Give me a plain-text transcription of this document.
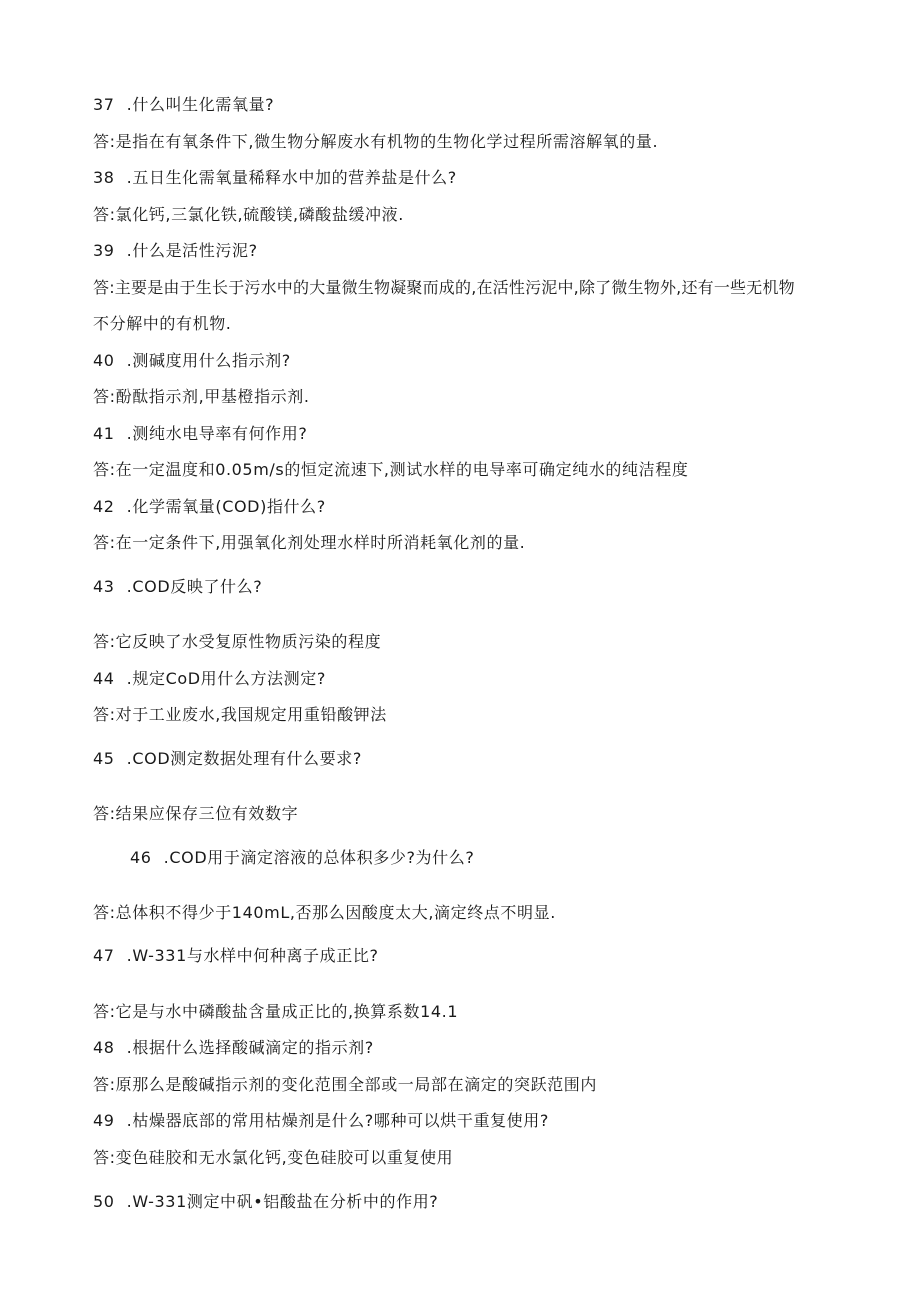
37 .什么叫生化需氧量?
答:是指在有氧条件下,微生物分解废水有机物的生物化学过程所需溶解氧的量.
38 .五日生化需氧量稀释水中加的营养盐是什么?
答:氯化钙,三氯化铁,硫酸镁,磷酸盐缓冲液.
39 .什么是活性污泥?
答:主要是由于生长于污水中的大量微生物凝聚而成的,在活性污泥中,除了微生物外,还有一些无机物
不分解中的有机物.
40 .测碱度用什么指示剂?
答:酚酞指示剂,甲基橙指示剂.
41 .测纯水电导率有何作用?
答:在一定温度和0.05m∕s的恒定流速下,测试水样的电导率可确定纯水的纯洁程度
42 .化学需氧量(COD)指什么?
答:在一定条件下,用强氧化剂处理水样时所消耗氧化剂的量.
43 .COD反映了什么?
答:它反映了水受复原性物质污染的程度
44 .规定CoD用什么方法测定?
答:对于工业废水,我国规定用重铅酸钾法
45 .COD测定数据处理有什么要求?
答:结果应保存三位有效数字
46 .COD用于滴定溶液的总体积多少?为什么?
答:总体积不得少于140mL,否那么因酸度太大,滴定终点不明显.
47 .W-331与水样中何种离子成正比?
答:它是与水中磷酸盐含量成正比的,换算系数14.1
48 .根据什么选择酸碱滴定的指示剂?
答:原那么是酸碱指示剂的变化范围全部或一局部在滴定的突跃范围内
49 .枯燥器底部的常用枯燥剂是什么?哪种可以烘干重复使用?
答:变色硅胶和无水氯化钙,变色硅胶可以重复使用
50 .W-331测定中矾•铝酸盐在分析中的作用?
